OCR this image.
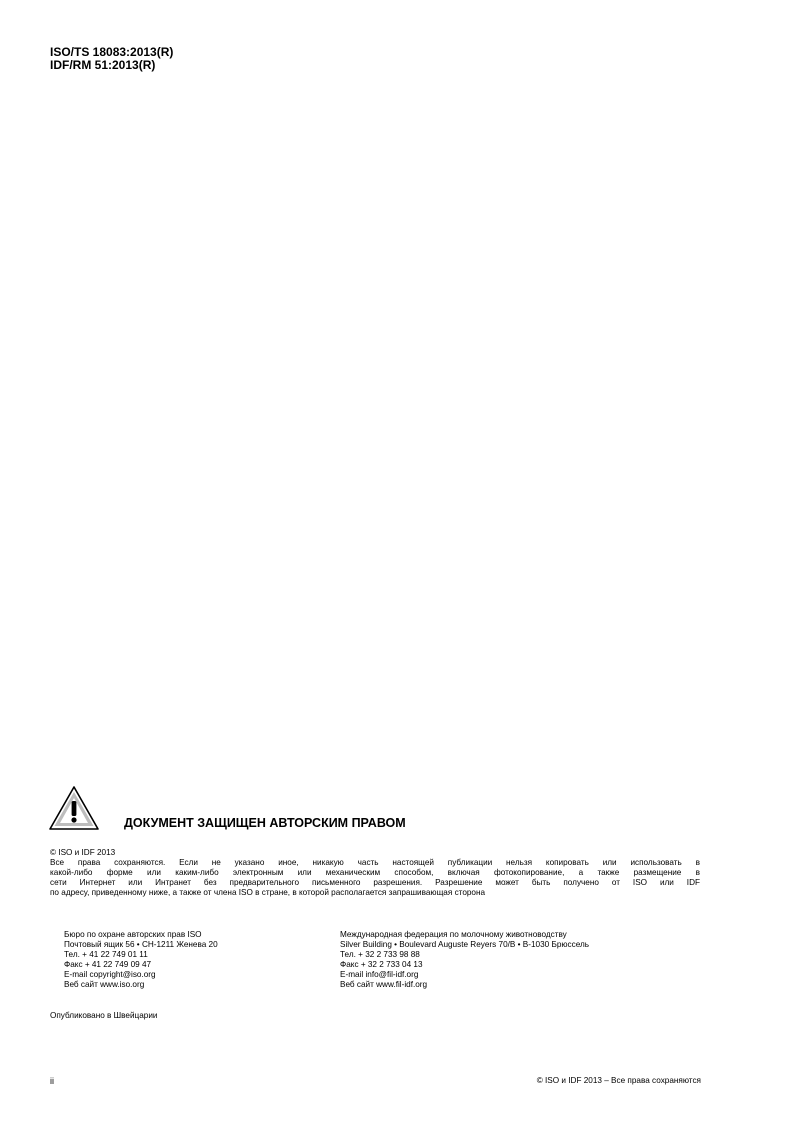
ISO/TS 18083:2013(R)
IDF/RM 51:2013(R)
ДОКУМЕНТ ЗАЩИЩЕН АВТОРСКИМ ПРАВОМ
© ISO и IDF 2013
Все права сохраняются. Если не указано иное, никакую часть настоящей публикации нельзя копировать или использовать в
какой-либо форме или каким-либо электронным или механическим способом, включая фотокопирование, а также размещение в
сети Интернет или Интранет без предварительного письменного разрешения. Разрешение может быть получено от ISO или IDF
по адресу, приведенному ниже, а также от члена ISO в стране, в которой располагается запрашивающая сторона
Бюро по охране авторских прав ISO
Почтовый ящик 56 • CH-1211 Женева 20
Тел. + 41 22 749 01 11
Факс + 41 22 749 09 47
E-mail copyright@iso.org
Веб сайт www.iso.org
Международная федерация по молочному животноводству
Silver Building • Boulevard Auguste Reyers 70/B • B-1030 Брюссель
Тел. + 32 2 733 98 88
Факс + 32 2 733 04 13
E-mail info@fil-idf.org
Веб сайт www.fil-idf.org
Опубликовано в Швейцарии
ii	© ISO и IDF 2013 – Все права сохраняются
